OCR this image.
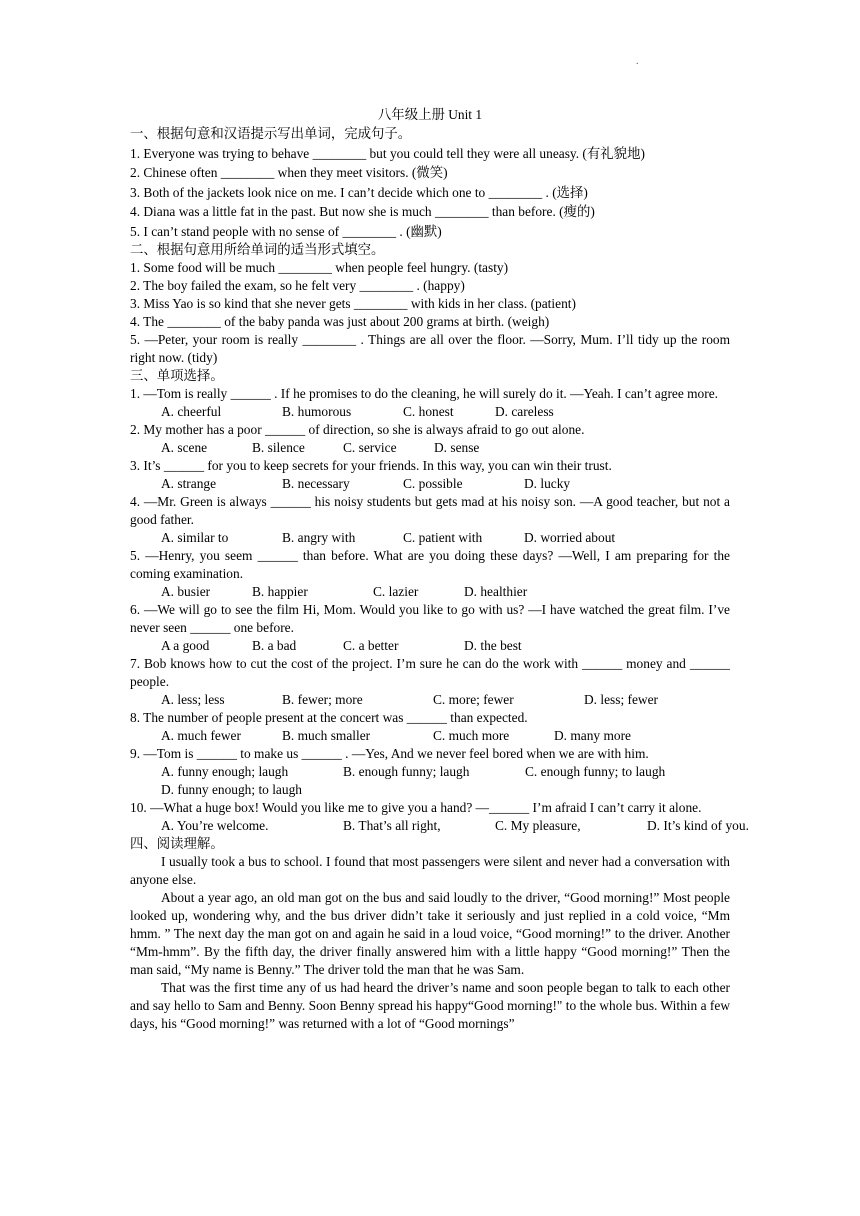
.
八年级上册 Unit 1
一、根据句意和汉语提示写出单词，完成句子。
1. Everyone was trying to behave ________ but you could tell they were all uneasy. (有礼貌地)
2. Chinese often ________ when they meet visitors. (微笑)
3. Both of the jackets look nice on me. I can’t decide which one to ________ . (选择)
4. Diana was a little fat in the past. But now she is much ________ than before. (瘦的)
5. I can’t stand people with no sense of ________ . (幽默)
二、根据句意用所给单词的适当形式填空。
1. Some food will be much ________ when people feel hungry. (tasty)
2. The boy failed the exam, so he felt very ________ . (happy)
3. Miss Yao is so kind that she never gets ________ with kids in her class. (patient)
4. The ________ of the baby panda was just about 200 grams at birth. (weigh)
5. —Peter, your room is really ________ . Things are all over the floor. —Sorry, Mum. I’ll tidy up the room right now. (tidy)
三、单项选择。
1. —Tom is really ______ . If he promises to do the cleaning, he will surely do it. —Yeah. I can’t agree more.
A. cheerful	B. humorous	C. honest	D. careless
2. My mother has a poor ______ of direction, so she is always afraid to go out alone.
A. scene	B. silence	C. service	D. sense
3. It’s ______ for you to keep secrets for your friends. In this way, you can win their trust.
A. strange	B. necessary	C. possible	D. lucky
4. —Mr. Green is always ______ his noisy students but gets mad at his noisy son. —A good teacher, but not a good father.
A. similar to	B. angry with	C. patient with	D. worried about
5. —Henry, you seem ______ than before. What are you doing these days? —Well, I am preparing for the coming examination.
A. busier	B. happier	C. lazier	D. healthier
6. —We will go to see the film Hi, Mom. Would you like to go with us? —I have watched the great film. I’ve never seen ______ one before.
A a good	B. a bad	C. a better	D. the best
7. Bob knows how to cut the cost of the project. I’m sure he can do the work with ______ money and ______ people.
A. less; less	B. fewer; more	C. more; fewer	D. less; fewer
8. The number of people present at the concert was ______ than expected.
A. much fewer	B. much smaller	C. much more	D. many more
9. —Tom is ______ to make us ______ . —Yes, And we never feel bored when we are with him.
A. funny enough; laugh	B. enough funny; laugh	C. enough funny; to laugh
D. funny enough; to laugh
10. —What a huge box! Would you like me to give you a hand? —______ I’m afraid I can’t carry it alone.
A. You’re welcome.	B. That’s all right,	C. My pleasure,	D. It’s kind of you.
四、阅读理解。
I usually took a bus to school. I found that most passengers were silent and never had a conversation with anyone else.
About a year ago, an old man got on the bus and said loudly to the driver, “Good morning!” Most people looked up, wondering why, and the bus driver didn’t take it seriously and just replied in a cold voice, “Mm hmm. ” The next day the man got on and again he said in a loud voice, “Good morning!” to the driver. Another “Mm-hmm”. By the fifth day, the driver finally answered him with a little happy “Good morning!” Then the man said, “My name is Benny.” The driver told the man that he was Sam.
That was the first time any of us had heard the driver’s name and soon people began to talk to each other and say hello to Sam and Benny. Soon Benny spread his happy“Good morning!" to the whole bus. Within a few days, his “Good morning!” was returned with a lot of “Good mornings”
